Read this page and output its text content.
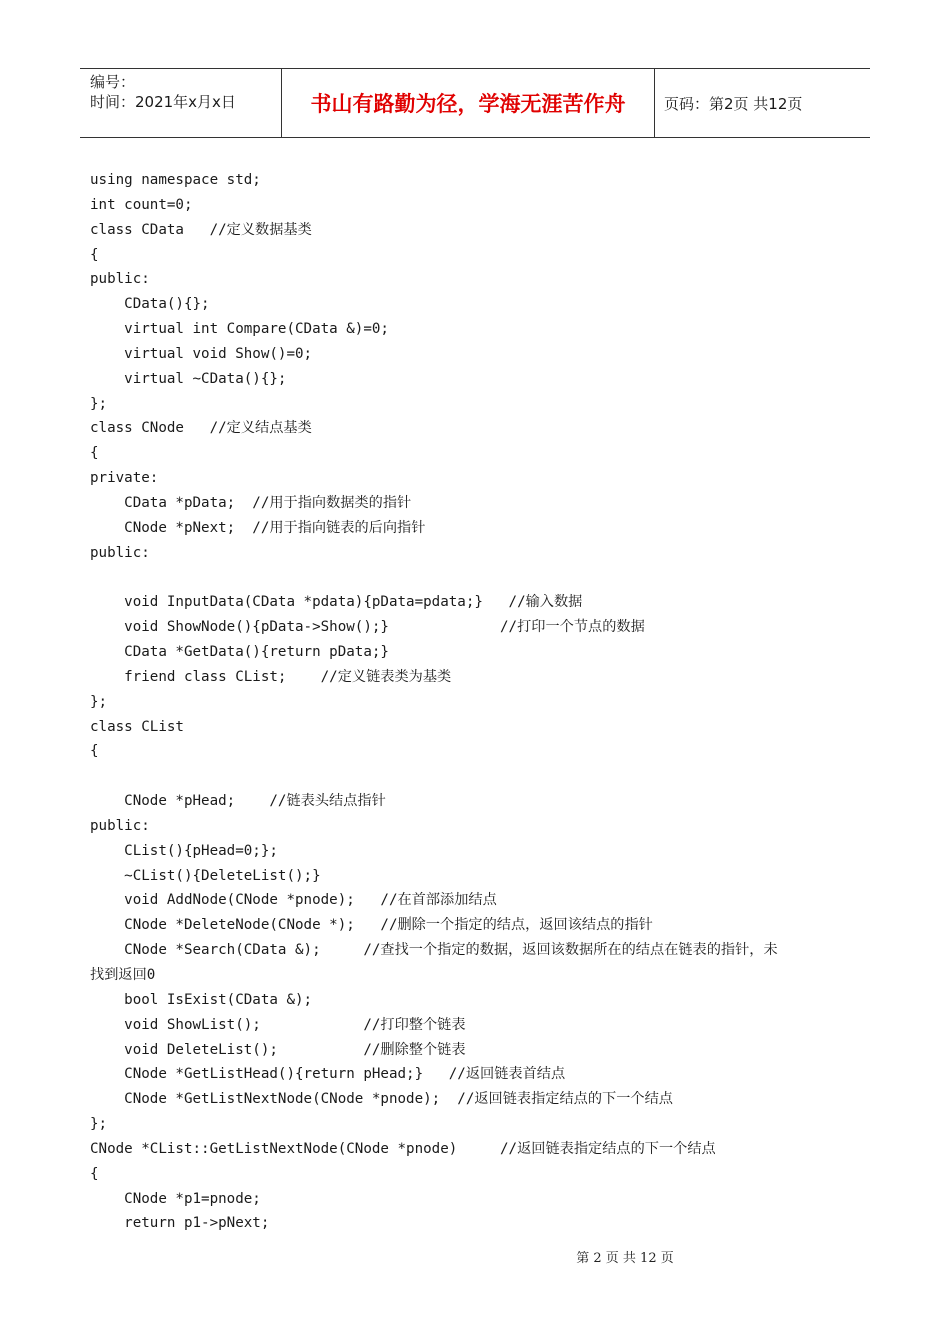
编号：
时间：2021年x月x日	书山有路勤为径，学海无涯苦作舟	页码：第2页 共12页
using namespace std;
int count=0;
class CData   //定义数据基类
{
public:
CData(){};
virtual int Compare(CData &)=0;
virtual void Show()=0;
virtual ~CData(){};
};
class CNode   //定义结点基类
{
private:
CData *pData;  //用于指向数据类的指针
CNode *pNext;  //用于指向链表的后向指针
public:
void InputData(CData *pdata){pData=pdata;}   //输入数据
void ShowNode(){pData->Show();}             //打印一个节点的数据
CData *GetData(){return pData;}
friend class CList;    //定义链表类为基类
};
class CList
{
CNode *pHead;    //链表头结点指针
public:
CList(){pHead=0;};
~CList(){DeleteList();}
void AddNode(CNode *pnode);   //在首部添加结点
CNode *DeleteNode(CNode *);   //删除一个指定的结点，返回该结点的指针
CNode *Search(CData &);     //查找一个指定的数据，返回该数据所在的结点在链表的指针，未
找到返回0
bool IsExist(CData &);
void ShowList();            //打印整个链表
void DeleteList();          //删除整个链表
CNode *GetListHead(){return pHead;}   //返回链表首结点
CNode *GetListNextNode(CNode *pnode);  //返回链表指定结点的下一个结点
};
CNode *CList::GetListNextNode(CNode *pnode)     //返回链表指定结点的下一个结点
{
CNode *p1=pnode;
return p1->pNext;
第 2 页 共 12 页
